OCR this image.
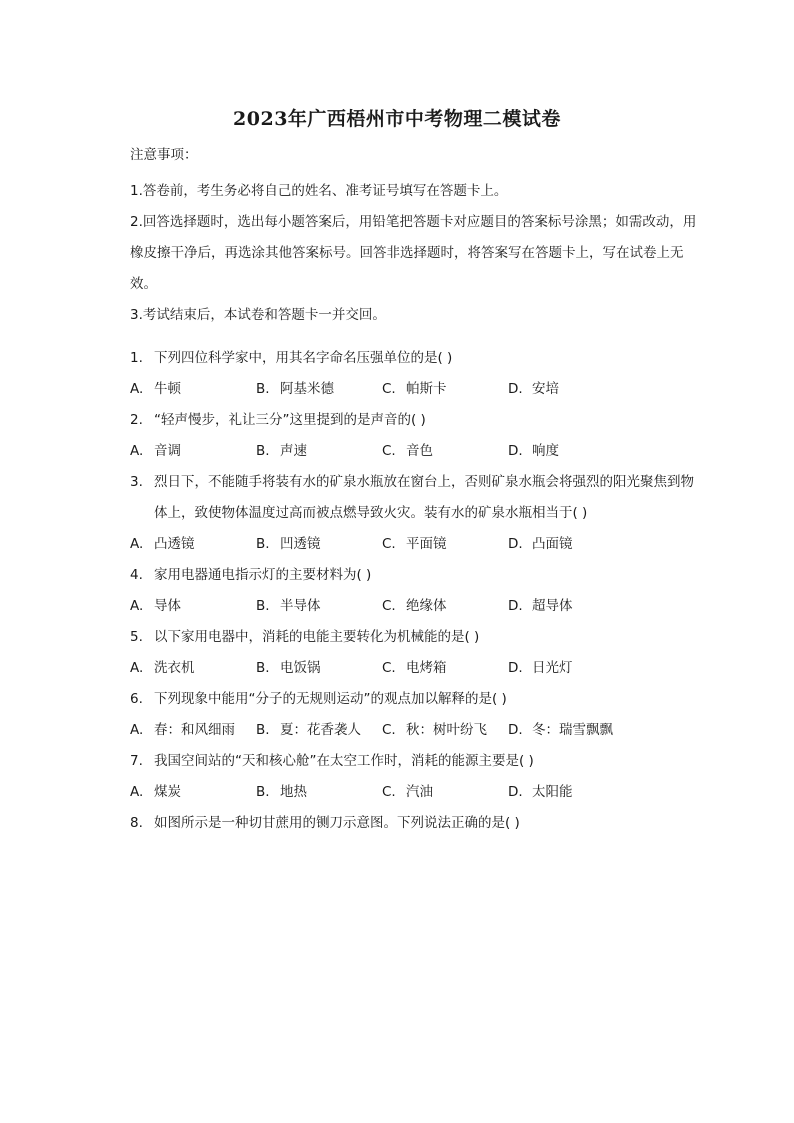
2023年广西梧州市中考物理二模试卷
注意事项：
1.答卷前，考生务必将自己的姓名、准考证号填写在答题卡上。
2.回答选择题时，选出每小题答案后，用铅笔把答题卡对应题目的答案标号涂黑；如需改动，用橡皮擦干净后，再选涂其他答案标号。回答非选择题时，将答案写在答题卡上，写在试卷上无效。
3.考试结束后，本试卷和答题卡一并交回。
1. 下列四位科学家中，用其名字命名压强单位的是( )
A. 牛顿	B. 阿基米德	C. 帕斯卡	D. 安培
2. “轻声慢步，礼让三分”这里提到的是声音的( )
A. 音调	B. 声速	C. 音色	D. 响度
3. 烈日下，不能随手将装有水的矿泉水瓶放在窗台上，否则矿泉水瓶会将强烈的阳光聚焦到物体上，致使物体温度过高而被点燃导致火灾。装有水的矿泉水瓶相当于( )
A. 凸透镜	B. 凹透镜	C. 平面镜	D. 凸面镜
4. 家用电器通电指示灯的主要材料为( )
A. 导体	B. 半导体	C. 绝缘体	D. 超导体
5. 以下家用电器中，消耗的电能主要转化为机械能的是( )
A. 洗衣机	B. 电饭锅	C. 电烤箱	D. 日光灯
6. 下列现象中能用“分子的无规则运动”的观点加以解释的是( )
A. 春：和风细雨	B. 夏：花香袭人	C. 秋：树叶纷飞	D. 冬：瑞雪飘飘
7. 我国空间站的“天和核心舱”在太空工作时，消耗的能源主要是( )
A. 煤炭	B. 地热	C. 汽油	D. 太阳能
8. 如图所示是一种切甘蔗用的铡刀示意图。下列说法正确的是( )
